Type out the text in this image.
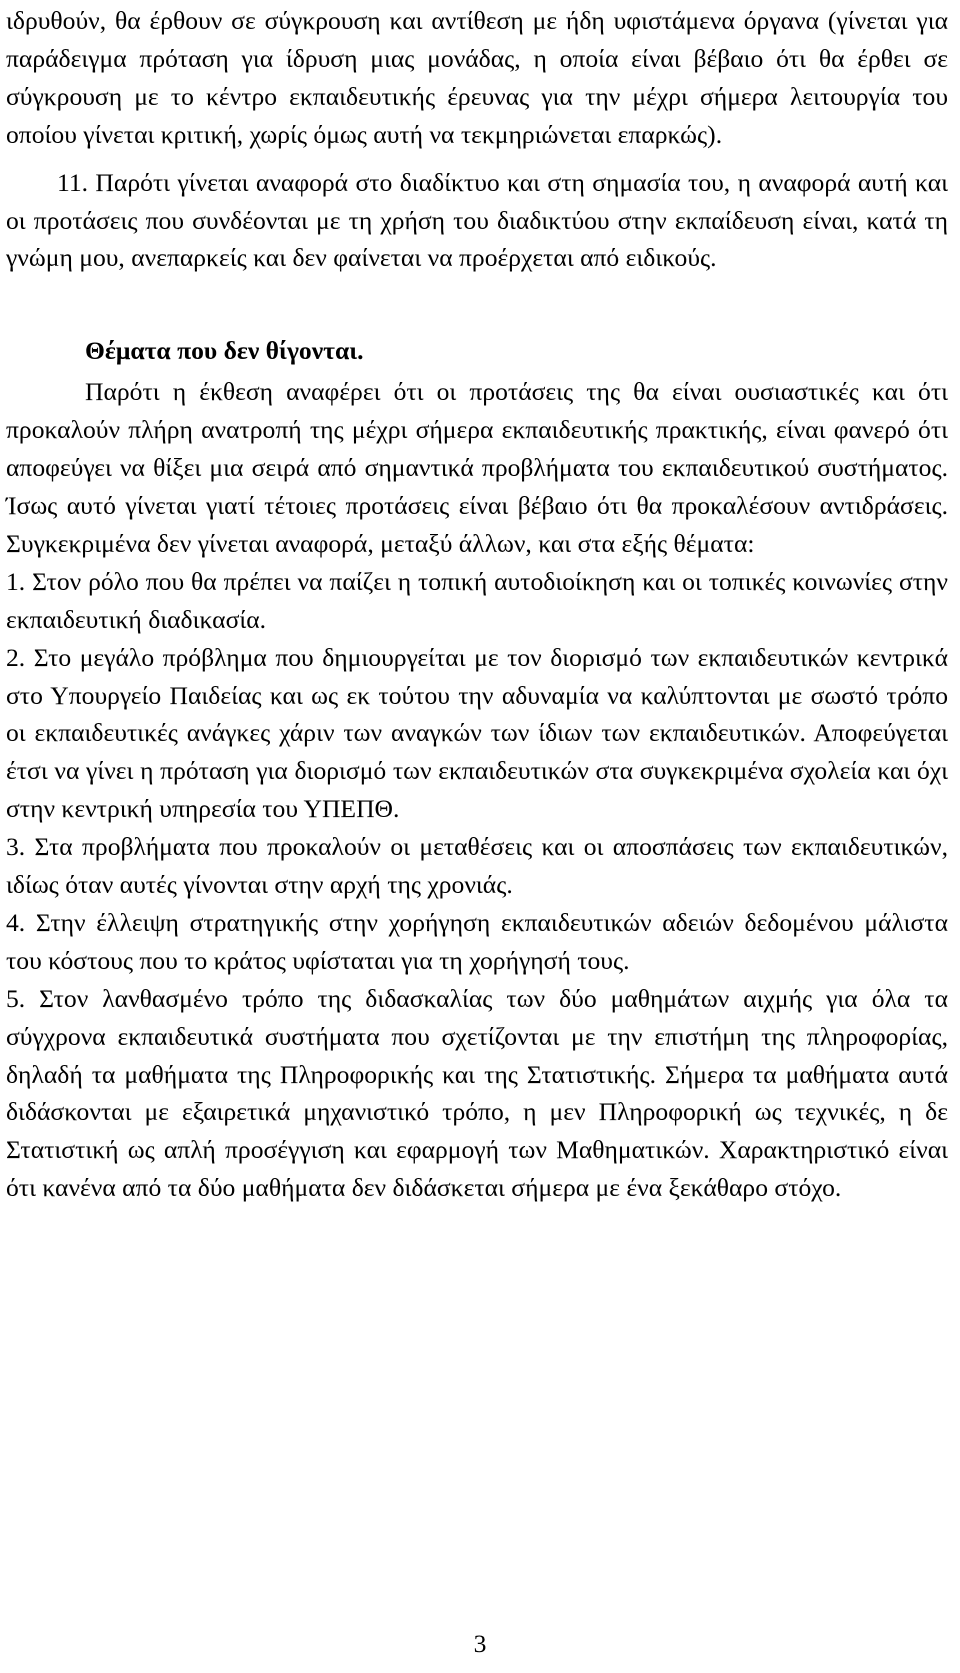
ιδρυθούν, θα έρθουν σε σύγκρουση και αντίθεση με ήδη υφιστάμενα όργανα (γίνεται για παράδειγμα πρόταση για ίδρυση μιας μονάδας, η οποία είναι βέβαιο ότι θα έρθει σε σύγκρουση με το κέντρο εκπαιδευτικής έρευνας για την μέχρι σήμερα λειτουργία του οποίου γίνεται κριτική, χωρίς όμως αυτή να τεκμηριώνεται επαρκώς).

11. Παρότι γίνεται αναφορά στο διαδίκτυο και στη σημασία του, η αναφορά αυτή και οι προτάσεις που συνδέονται με τη χρήση του διαδικτύου στην εκπαίδευση είναι, κατά τη γνώμη μου, ανεπαρκείς και δεν φαίνεται να προέρχεται από ειδικούς.

Θέματα που δεν θίγονται.

Παρότι η έκθεση αναφέρει ότι οι προτάσεις της θα είναι ουσιαστικές και ότι προκαλούν πλήρη ανατροπή της μέχρι σήμερα εκπαιδευτικής πρακτικής, είναι φανερό ότι αποφεύγει να θίξει μια σειρά από σημαντικά προβλήματα του εκπαιδευτικού συστήματος. Ίσως αυτό γίνεται γιατί τέτοιες προτάσεις είναι βέβαιο ότι θα προκαλέσουν αντιδράσεις. Συγκεκριμένα δεν γίνεται αναφορά, μεταξύ άλλων, και στα εξής θέματα:

1. Στον ρόλο που θα πρέπει να παίζει η τοπική αυτοδιοίκηση και οι τοπικές κοινωνίες στην εκπαιδευτική διαδικασία.

2. Στο μεγάλο πρόβλημα που δημιουργείται με τον διορισμό των εκπαιδευτικών κεντρικά στο Υπουργείο Παιδείας και ως εκ τούτου την αδυναμία να καλύπτονται με σωστό τρόπο οι εκπαιδευτικές ανάγκες χάριν των αναγκών των ίδιων των εκπαιδευτικών. Αποφεύγεται έτσι να γίνει η πρόταση για διορισμό των εκπαιδευτικών στα συγκεκριμένα σχολεία και όχι στην κεντρική υπηρεσία του ΥΠΕΠΘ.

3. Στα προβλήματα που προκαλούν οι μεταθέσεις και οι αποσπάσεις των εκπαιδευτικών, ιδίως όταν αυτές γίνονται στην αρχή της χρονιάς.

4. Στην έλλειψη στρατηγικής στην χορήγηση εκπαιδευτικών αδειών δεδομένου μάλιστα του κόστους που το κράτος υφίσταται για τη χορήγησή τους.

5. Στον λανθασμένο τρόπο της διδασκαλίας των δύο μαθημάτων αιχμής για όλα τα σύγχρονα εκπαιδευτικά συστήματα που σχετίζονται με την επιστήμη της πληροφορίας, δηλαδή τα μαθήματα της Πληροφορικής και της Στατιστικής. Σήμερα τα μαθήματα αυτά διδάσκονται με εξαιρετικά μηχανιστικό τρόπο, η μεν Πληροφορική ως τεχνικές, η δε Στατιστική ως απλή προσέγγιση και εφαρμογή των Μαθηματικών. Χαρακτηριστικό είναι ότι κανένα από τα δύο μαθήματα δεν διδάσκεται σήμερα με ένα ξεκάθαρο στόχο.

3
